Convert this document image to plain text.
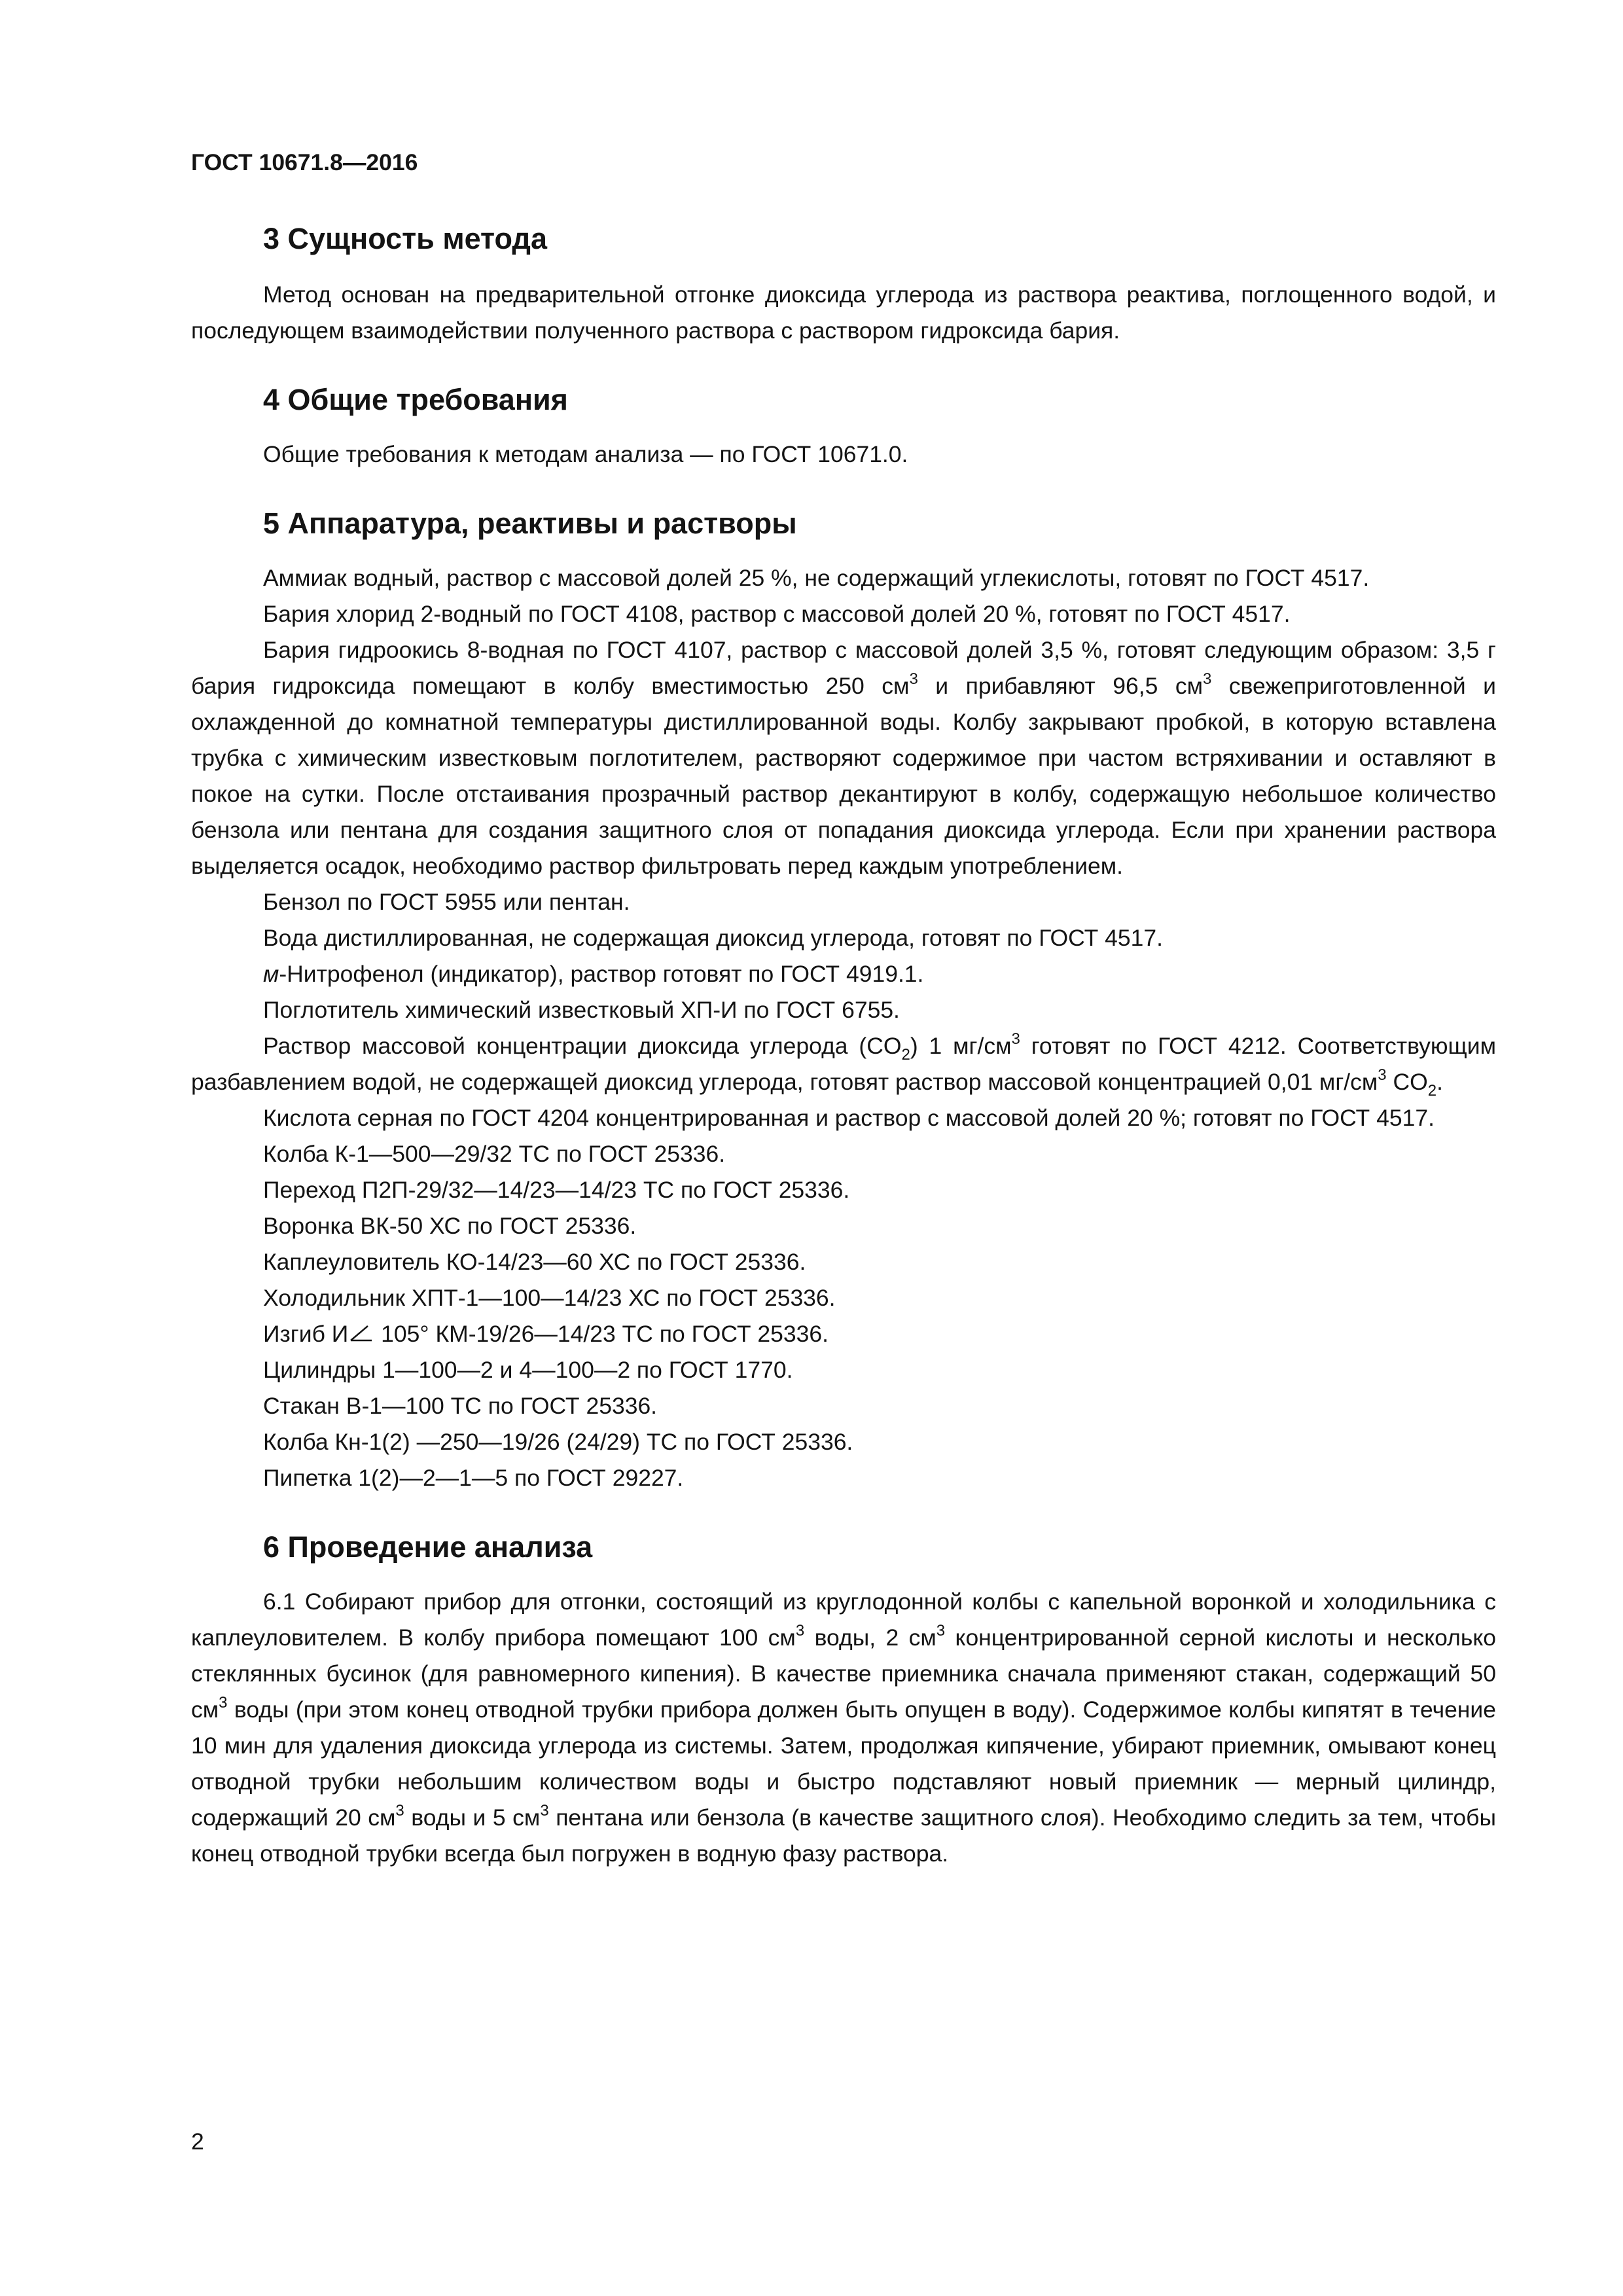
ГОСТ 10671.8—2016
3 Сущность метода

Метод основан на предварительной отгонке диоксида углерода из раствора реактива, поглощенного водой, и последующем взаимодействии полученного раствора с раствором гидроксида бария.

4 Общие требования

Общие требования к методам анализа — по ГОСТ 10671.0.

5 Аппаратура, реактивы и растворы

Аммиак водный, раствор с массовой долей 25 %, не содержащий углекислоты, готовят по ГОСТ 4517.

Бария хлорид 2-водный по ГОСТ 4108, раствор с массовой долей 20 %, готовят по ГОСТ 4517.

Бария гидроокись 8-водная по ГОСТ 4107, раствор с массовой долей 3,5 %, готовят следующим образом: 3,5 г бария гидроксида помещают в колбу вместимостью 250 $см^3$ и прибавляют 96,5 $см^3$ свежеприготовленной и охлажденной до комнатной температуры дистиллированной воды. Колбу закрывают пробкой, в которую вставлена трубка с химическим известковым поглотителем, растворяют содержимое при частом встряхивании и оставляют в покое на сутки. После отстаивания прозрачный раствор декантируют в колбу, содержащую небольшое количество бензола или пентана для создания защитного слоя от попадания диоксида углерода. Если при хранении раствора выделяется осадок, необходимо раствор фильтровать перед каждым употреблением.

Бензол по ГОСТ 5955 или пентан.

Вода дистиллированная, не содержащая диоксид углерода, готовят по ГОСТ 4517.

м-Нитрофенол (индикатор), раствор готовят по ГОСТ 4919.1.

Поглотитель химический известковый ХП-И по ГОСТ 6755.

Раствор массовой концентрации диоксида углерода $(CO_2)$ 1 $мг/см^3$ готовят по ГОСТ 4212. Соответствующим разбавлением водой, не содержащей диоксид углерода, готовят раствор массовой концентрацией 0,01 $мг/см^3$ $CO_2$.

Кислота серная по ГОСТ 4204 концентрированная и раствор с массовой долей 20 %; готовят по ГОСТ 4517.

Колба К-1—500—29/32 ТС по ГОСТ 25336.

Переход П2П-29/32—14/23—14/23 ТС по ГОСТ 25336.

Воронка ВК-50 ХС по ГОСТ 25336.

Каплеуловитель КО-14/23—60 ХС по ГОСТ 25336.

Холодильник ХПТ-1—100—14/23 ХС по ГОСТ 25336.

Изгиб И 105° КМ-19/26—14/23 ТС по ГОСТ 25336.

Цилиндры 1—100—2 и 4—100—2 по ГОСТ 1770.

Стакан В-1—100 ТС по ГОСТ 25336.

Колба Кн-1(2) —250—19/26 (24/29) ТС по ГОСТ 25336.

Пипетка 1(2)—2—1—5 по ГОСТ 29227.

6 Проведение анализа

6.1 Собирают прибор для отгонки, состоящий из круглодонной колбы с капельной воронкой и холодильника с каплеуловителем. В колбу прибора помещают 100 $см^3$ воды, 2 $см^3$ концентрированной серной кислоты и несколько стеклянных бусинок (для равномерного кипения). В качестве приемника сначала применяют стакан, содержащий 50 $см^3$ воды (при этом конец отводной трубки прибора должен быть опущен в воду). Содержимое колбы кипятят в течение 10 мин для удаления диоксида углерода из системы. Затем, продолжая кипячение, убирают приемник, омывают конец отводной трубки небольшим количеством воды и быстро подставляют новый приемник — мерный цилиндр, содержащий 20 $см^3$ воды и 5 $см^3$ пентана или бензола (в качестве защитного слоя). Необходимо следить за тем, чтобы конец отводной трубки всегда был погружен в водную фазу раствора.

2
